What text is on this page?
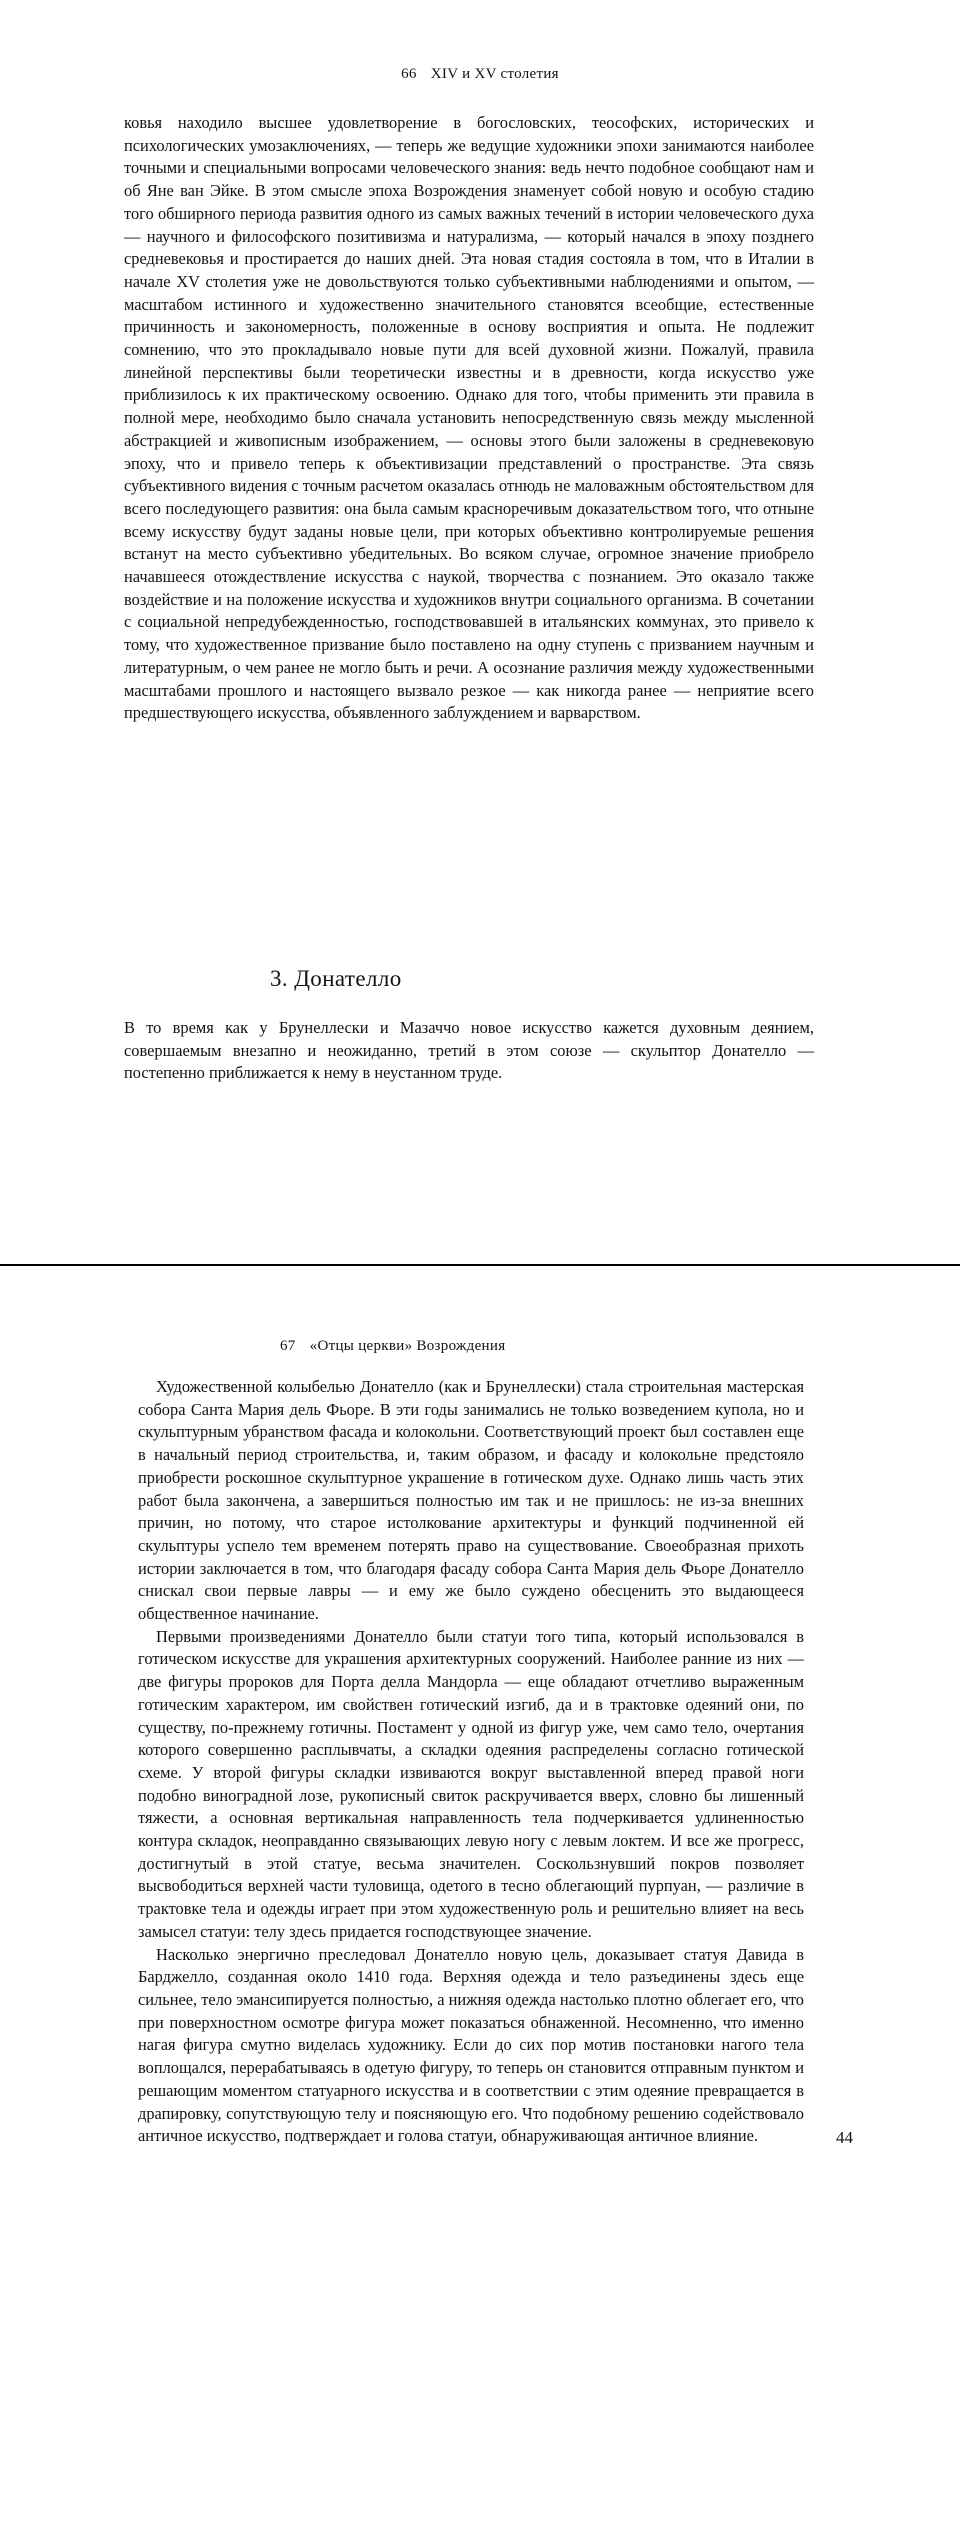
66 XIV и XV столетия

ковья находило высшее удовлетворение в богословских, теософских, исторических и психологических умозаключениях, — теперь же ведущие художники эпохи занимаются наиболее точными и специальными вопросами человеческого знания: ведь нечто подобное сообщают нам и об Яне ван Эйке. В этом смысле эпоха Возрождения знаменует собой новую и особую стадию того обширного периода развития одного из самых важных течений в истории человеческого духа — научного и философского позитивизма и натурализма, — который начался в эпоху позднего средневековья и простирается до наших дней. Эта новая стадия состояла в том, что в Италии в начале XV столетия уже не довольствуются только субъективными наблюдениями и опытом, — масштабом истинного и художественно значительного становятся всеобщие, естественные причинность и закономерность, положенные в основу восприятия и опыта. Не подлежит сомнению, что это прокладывало новые пути для всей духовной жизни. Пожалуй, правила линейной перспективы были теоретически известны и в древности, когда искусство уже приблизилось к их практическому освоению. Однако для того, чтобы применить эти правила в полной мере, необходимо было сначала установить непосредственную связь между мысленной абстракцией и живописным изображением, — основы этого были заложены в средневековую эпоху, что и привело теперь к объективизации представлений о пространстве. Эта связь субъективного видения с точным расчетом оказалась отнюдь не маловажным обстоятельством для всего последующего развития: она была самым красноречивым доказательством того, что отныне всему искусству будут заданы новые цели, при которых объективно контролируемые решения встанут на место субъективно убедительных. Во всяком случае, огромное значение приобрело начавшееся отождествление искусства с наукой, творчества с познанием. Это оказало также воздействие и на положение искусства и художников внутри социального организма. В сочетании с социальной непредубежденностью, господствовавшей в итальянских коммунах, это привело к тому, что художественное призвание было поставлено на одну ступень с призванием научным и литературным, о чем ранее не могло быть и речи. А осознание различия между художественными масштабами прошлого и настоящего вызвало резкое — как никогда ранее — неприятие всего предшествующего искусства, объявленного заблуждением и варварством.

3. Донателло

В то время как у Брунеллески и Мазаччо новое искусство кажется духовным деянием, совершаемым внезапно и неожиданно, третий в этом союзе — скульптор Донателло — постепенно приближается к нему в неустанном труде.

67 «Отцы церкви» Возрождения

Художественной колыбелью Донателло (как и Брунеллески) стала строительная мастерская собора Санта Мария дель Фьоре. В эти годы занимались не только возведением купола, но и скульптурным убранством фасада и колокольни. Соответствующий проект был составлен еще в начальный период строительства, и, таким образом, и фасаду и колокольне предстояло приобрести роскошное скульптурное украшение в готическом духе. Однако лишь часть этих работ была закончена, а завершиться полностью им так и не пришлось: не из-за внешних причин, но потому, что старое истолкование архитектуры и функций подчиненной ей скульптуры успело тем временем потерять право на существование. Своеобразная прихоть истории заключается в том, что благодаря фасаду собора Санта Мария дель Фьоре Донателло снискал свои первые лавры — и ему же было суждено обесценить это выдающееся общественное начинание.

Первыми произведениями Донателло были статуи того типа, который использовался в готическом искусстве для украшения архитектурных сооружений. Наиболее ранние из них — две фигуры пророков для Порта делла Мандорла — еще обладают отчетливо выраженным готическим характером, им свойствен готический изгиб, да и в трактовке одеяний они, по существу, по-прежнему готичны. Постамент у одной из фигур уже, чем само тело, очертания которого совершенно расплывчаты, а складки одеяния распределены согласно готической схеме. У второй фигуры складки извиваются вокруг выставленной вперед правой ноги подобно виноградной лозе, рукописный свиток раскручивается вверх, словно бы лишенный тяжести, а основная вертикальная направленность тела подчеркивается удлиненностью контура складок, неоправданно связывающих левую ногу с левым локтем. И все же прогресс, достигнутый в этой статуе, весьма значителен. Соскользнувший покров позволяет высвободиться верхней части туловища, одетого в тесно облегающий пурпуан, — различие в трактовке тела и одежды играет при этом художественную роль и решительно влияет на весь замысел статуи: телу здесь придается господствующее значение.

Насколько энергично преследовал Донателло новую цель, доказывает статуя Давида в Барджелло, созданная около 1410 года. Верхняя одежда и тело разъединены здесь еще сильнее, тело эмансипируется полностью, а нижняя одежда настолько плотно облегает его, что при поверхностном осмотре фигура может показаться обнаженной. Несомненно, что именно нагая фигура смутно виделась художнику. Если до сих пор мотив постановки нагого тела воплощался, перерабатываясь в одетую фигуру, то теперь он становится отправным пунктом и решающим моментом статуарного искусства и в соответствии с этим одеяние превращается в драпировку, сопутствующую телу и поясняющую его. Что подобному решению содействовало античное искусство, подтверждает и голова статуи, обнаруживающая античное влияние.	44
